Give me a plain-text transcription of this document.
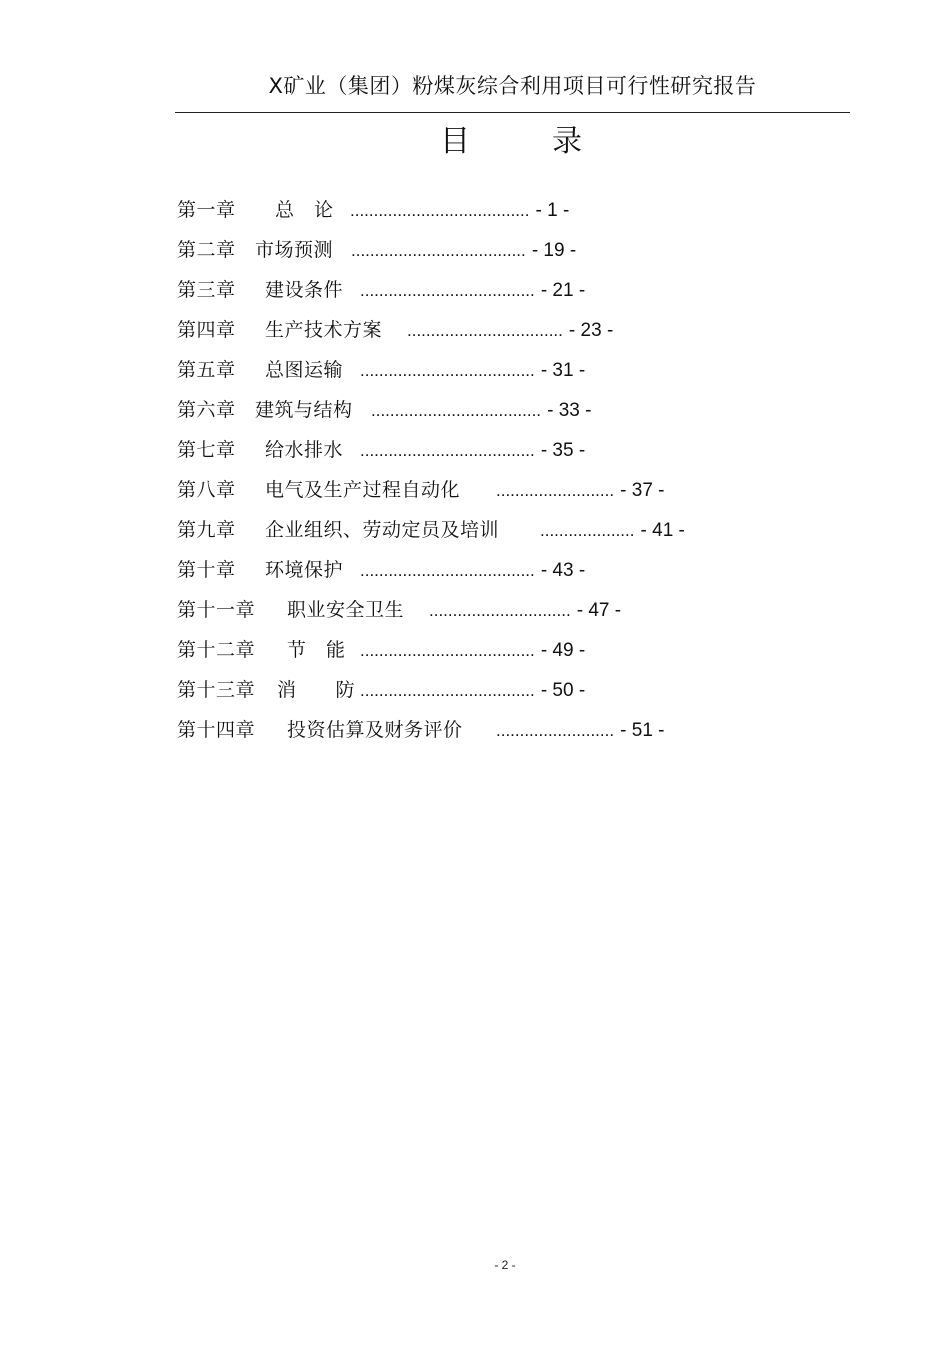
X矿业（集团）粉煤灰综合利用项目可行性研究报告
目	录
第一章 总　论 ...................................... - 1 -
第二章 市场预测 ..................................... - 19 -
第三章 建设条件 ..................................... - 21 -
第四章 生产技术方案 ................................. - 23 -
第五章 总图运输 ..................................... - 31 -
第六章 建筑与结构 .................................... - 33 -
第七章 给水排水 ..................................... - 35 -
第八章 电气及生产过程自动化 ......................... - 37 -
第九章 企业组织、劳动定员及培训 .................... - 41 -
第十章 环境保护 ..................................... - 43 -
第十一章 职业安全卫生 .............................. - 47 -
第十二章 节　能 ..................................... - 49 -
第十三章 消　　防 ..................................... - 50 -
第十四章 投资估算及财务评价 ......................... - 51 -
- 2 -
